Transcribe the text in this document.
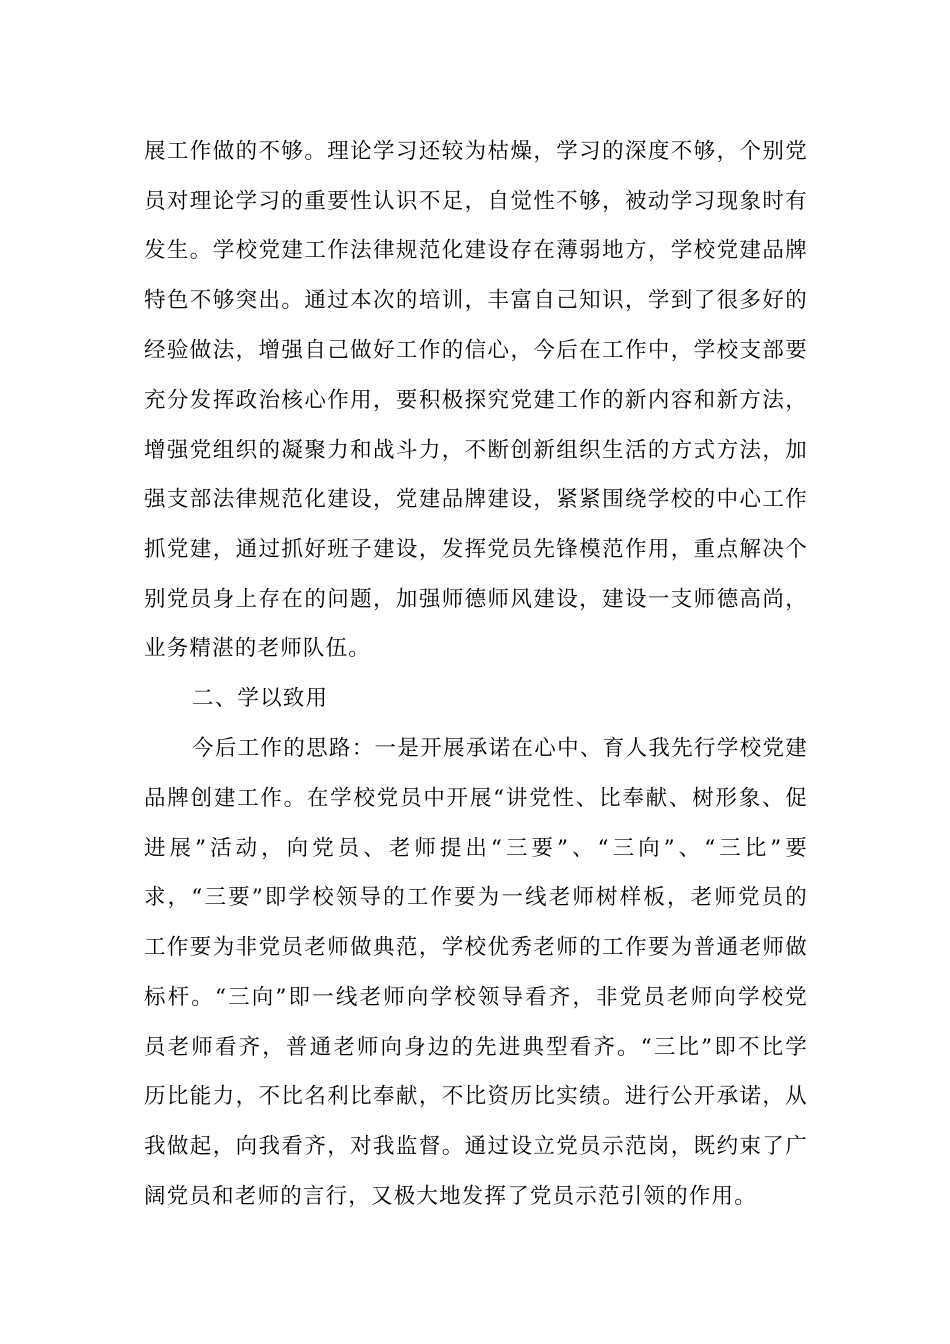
展工作做的不够。理论学习还较为枯燥，学习的深度不够，个别党
员对理论学习的重要性认识不足，自觉性不够，被动学习现象时有
发生。学校党建工作法律规范化建设存在薄弱地方，学校党建品牌
特色不够突出。通过本次的培训，丰富自己知识，学到了很多好的
经验做法，增强自己做好工作的信心，今后在工作中，学校支部要
充分发挥政治核心作用，要积极探究党建工作的新内容和新方法，
增强党组织的凝聚力和战斗力，不断创新组织生活的方式方法，加
强支部法律规范化建设，党建品牌建设，紧紧围绕学校的中心工作
抓党建，通过抓好班子建设，发挥党员先锋模范作用，重点解决个
别党员身上存在的问题，加强师德师风建设，建设一支师德高尚，
业务精湛的老师队伍。
二、学以致用
今后工作的思路：一是开展承诺在心中、育人我先行学校党建
品牌创建工作。在学校党员中开展“讲党性、比奉献、树形象、促
进展”活动，向党员、老师提出“三要”、“三向”、“三比”要
求，“三要”即学校领导的工作要为一线老师树样板，老师党员的
工作要为非党员老师做典范，学校优秀老师的工作要为普通老师做
标杆。“三向”即一线老师向学校领导看齐，非党员老师向学校党
员老师看齐，普通老师向身边的先进典型看齐。“三比”即不比学
历比能力，不比名利比奉献，不比资历比实绩。进行公开承诺，从
我做起，向我看齐，对我监督。通过设立党员示范岗，既约束了广
阔党员和老师的言行，又极大地发挥了党员示范引领的作用。
